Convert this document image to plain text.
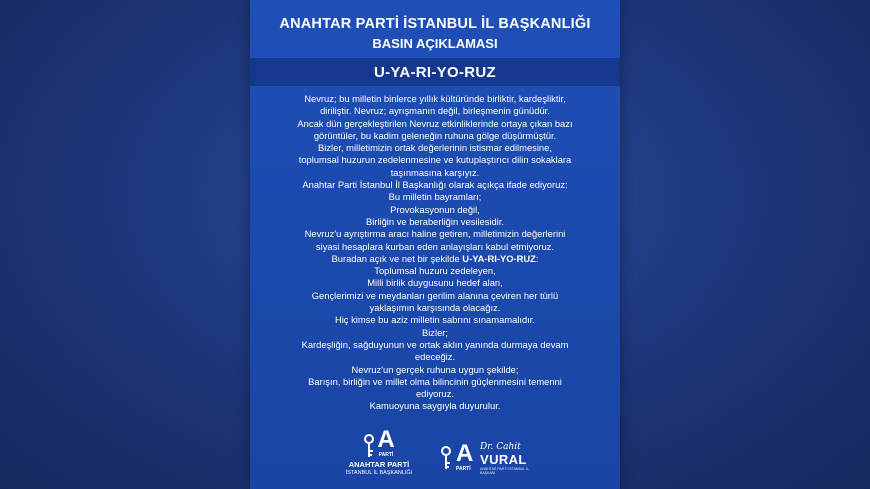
ANAHTAR PARTİ İSTANBUL İL BAŞKANLIĞI
BASIN AÇIKLAMASI
U-YA-RI-YO-RUZ

Nevruz; bu milletin binlerce yıllık kültüründe birliktir, kardeşliktir,

diriliştir. Nevruz; ayrışmanın değil, birleşmenin günüdür.

Ancak dün gerçekleştirilen Nevruz etkinliklerinde ortaya çıkan bazı

görüntüler, bu kadim geleneğin ruhuna gölge düşürmüştür.

Bizler, milletimizin ortak değerlerinin istismar edilmesine,

toplumsal huzurun zedelenmesine ve kutuplaştırıcı dilin sokaklara

taşınmasına karşıyız.

Anahtar Parti İstanbul İl Başkanlığı olarak açıkça ifade ediyoruz:

Bu milletin bayramları;

Provokasyonun değil,

Birliğin ve beraberliğin vesilesidir.

Nevruz'u ayrıştırma aracı haline getiren, milletimizin değerlerini

siyasi hesaplara kurban eden anlayışları kabul etmiyoruz.

Buradan açık ve net bir şekilde U-YA-RI-YO-RUZ:

Toplumsal huzuru zedeleyen,

Milli birlik duygusunu hedef alan,

Gençlerimizi ve meydanları gerilim alanına çeviren her türlü

yaklaşımın karşısında olacağız.

Hiç kimse bu aziz milletin sabrını sınamamalıdır.

Bizler;

Kardeşliğin, sağduyunun ve ortak aklın yanında durmaya devam

edeceğiz.

Nevruz'un gerçek ruhuna uygun şekilde;

Barışın, birliğin ve millet olma bilincinin güçlenmesini temenni

ediyoruz.

Kamuoyuna saygıyla duyurulur.

A
PARTİ
ANAHTAR PARTİ
İSTANBUL İL BAŞKANLIĞI
A
PARTİ
Dr. Cahit
VURAL
ANAHTAR PARTİ İSTANBUL İL BAŞKANI
